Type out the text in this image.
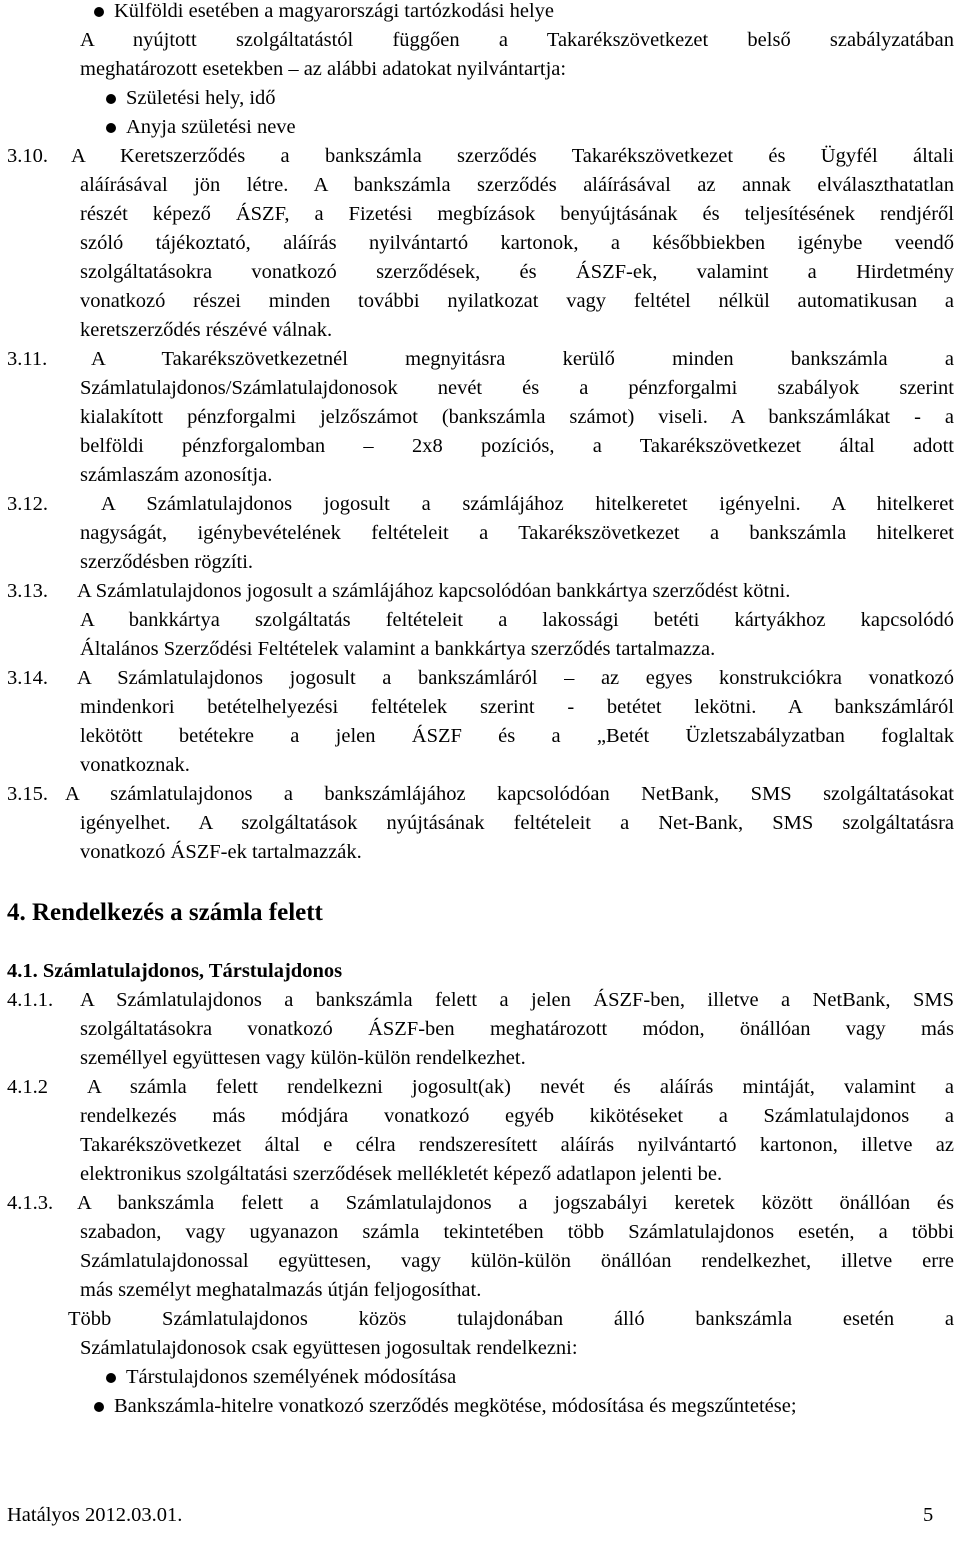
Külföldi esetében a magyarországi tartózkodási helye
A nyújtott szolgáltatástól függően a Takarékszövetkezet belső szabályzatában
meghatározott esetekben – az alábbi adatokat nyilvántartja:
Születési hely, idő
Anyja születési neve
3.10. A Keretszerződés a bankszámla szerződés Takarékszövetkezet és Ügyfél általi
aláírásával jön létre. A bankszámla szerződés aláírásával az annak elválaszthatatlan
részét képező ÁSZF, a Fizetési megbízások benyújtásának és teljesítésének rendjéről
szóló tájékoztató, aláírás nyilvántartó kartonok, a későbbiekben igénybe veendő
szolgáltatásokra vonatkozó szerződések, és ÁSZF-ek, valamint a Hirdetmény
vonatkozó részei minden további nyilatkozat vagy feltétel nélkül automatikusan a
keretszerződés részévé válnak.
3.11. A Takarékszövetkezetnél megnyitásra kerülő minden bankszámla a
Számlatulajdonos/Számlatulajdonosok nevét és a pénzforgalmi szabályok szerint
kialakított pénzforgalmi jelzőszámot (bankszámla számot) viseli. A bankszámlákat - a
belföldi pénzforgalomban – 2x8 pozíciós, a Takarékszövetkezet által adott
számlaszám azonosítja.
3.12.	A Számlatulajdonos jogosult a számlájához hitelkeretet igényelni. A hitelkeret
nagyságát, igénybevételének feltételeit a Takarékszövetkezet a bankszámla hitelkeret
szerződésben rögzíti.
3.13. A Számlatulajdonos jogosult a számlájához kapcsolódóan bankkártya szerződést kötni.
A bankkártya szolgáltatás feltételeit a lakossági betéti kártyákhoz kapcsolódó
Általános Szerződési Feltételek valamint a bankkártya szerződés tartalmazza.
3.14. A Számlatulajdonos jogosult a bankszámláról – az egyes konstrukciókra vonatkozó
mindenkori betételhelyezési feltételek szerint - betétet lekötni. A bankszámláról
lekötött betétekre a jelen ÁSZF és a „Betét Üzletszabályzatban foglaltak
vonatkoznak.
3.15. A számlatulajdonos a bankszámlájához kapcsolódóan NetBank, SMS szolgáltatásokat
igényelhet. A szolgáltatások nyújtásának feltételeit a Net-Bank, SMS szolgáltatásra
vonatkozó ÁSZF-ek tartalmazzák.
4. Rendelkezés a számla felett
4.1. Számlatulajdonos, Társtulajdonos
4.1.1. A Számlatulajdonos a bankszámla felett a jelen ÁSZF-ben, illetve a NetBank, SMS
szolgáltatásokra vonatkozó ÁSZF-ben meghatározott módon, önállóan vagy más
személlyel együttesen vagy külön-külön rendelkezhet.
4.1.2 A számla felett rendelkezni jogosult(ak) nevét és aláírás mintáját, valamint a
rendelkezés más módjára vonatkozó egyéb kikötéseket a Számlatulajdonos a
Takarékszövetkezet által e célra rendszeresített aláírás nyilvántartó kartonon, illetve az
elektronikus szolgáltatási szerződések mellékletét képező adatlapon jelenti be.
4.1.3. A bankszámla felett a Számlatulajdonos a jogszabályi keretek között önállóan és
szabadon, vagy ugyanazon számla tekintetében több Számlatulajdonos esetén, a többi
Számlatulajdonossal együttesen, vagy külön-külön önállóan rendelkezhet, illetve erre
más személyt meghatalmazás útján feljogosíthat.
Több Számlatulajdonos közös tulajdonában álló bankszámla esetén a
Számlatulajdonosok csak együttesen jogosultak rendelkezni:
Társtulajdonos személyének módosítása
Bankszámla-hitelre vonatkozó szerződés megkötése, módosítása és megszűntetése;
Hatályos 2012.03.01.	5
